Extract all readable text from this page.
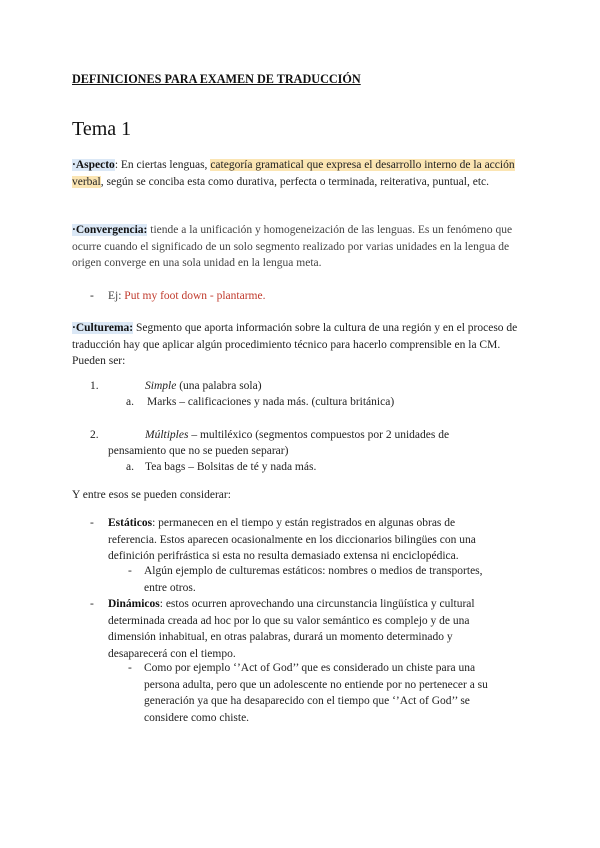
DEFINICIONES PARA EXAMEN DE TRADUCCIÓN
Tema 1
·Aspecto: En ciertas lenguas, categoría gramatical que expresa el desarrollo interno de la acción verbal, según se conciba esta como durativa, perfecta o terminada, reiterativa, puntual, etc.
·Convergencia: tiende a la unificación y homogeneización de las lenguas. Es un fenómeno que ocurre cuando el significado de un solo segmento realizado por varias unidades en la lengua de origen converge en una sola unidad en la lengua meta.
- Ej: Put my foot down - plantarme.
·Culturema: Segmento que aporta información sobre la cultura de una región y en el proceso de traducción hay que aplicar algún procedimiento técnico para hacerlo comprensible en la CM. Pueden ser:
1.	Simple (una palabra sola)
a. Marks – calificaciones y nada más. (cultura británica)
2.	Múltiples – multiléxico (segmentos compuestos por 2 unidades de
pensamiento que no se pueden separar)
a. Tea bags – Bolsitas de té y nada más.
Y entre esos se pueden considerar:
- Estáticos: permanecen en el tiempo y están registrados en algunas obras de referencia. Estos aparecen ocasionalmente en los diccionarios bilingües con una definición perifrástica si esta no resulta demasiado extensa ni enciclopédica.
- Algún ejemplo de culturemas estáticos: nombres o medios de transportes, entre otros.
- Dinámicos: estos ocurren aprovechando una circunstancia lingüística y cultural determinada creada ad hoc por lo que su valor semántico es complejo y de una dimensión inhabitual, en otras palabras, durará un momento determinado y desaparecerá con el tiempo.
- Como por ejemplo ‘’Act of God’’ que es considerado un chiste para una persona adulta, pero que un adolescente no entiende por no pertenecer a su generación ya que ha desaparecido con el tiempo que ‘’Act of God’’ se considere como chiste.
